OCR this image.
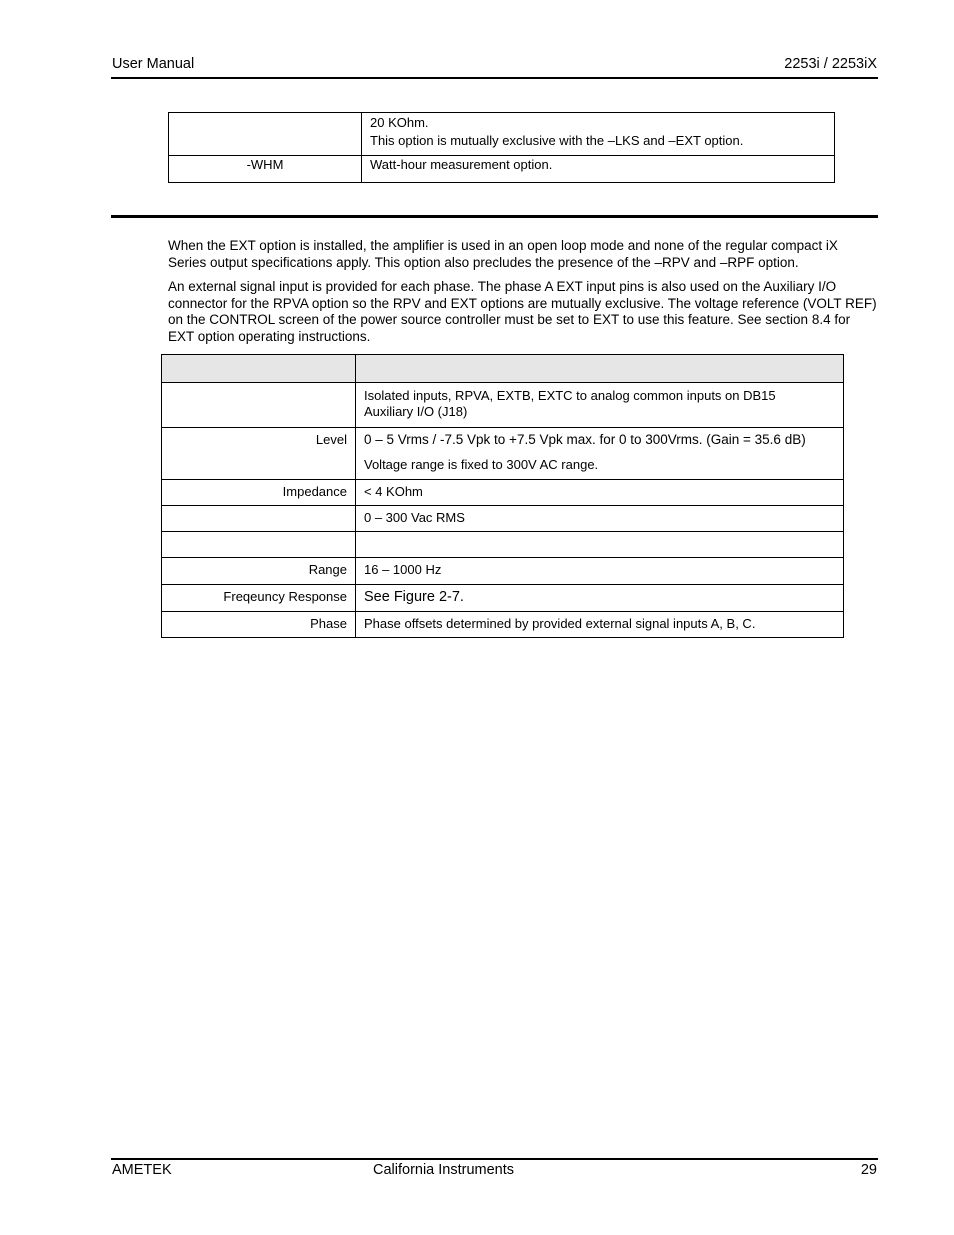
User Manual	2253i / 2253iX

	20 KOhm.
This option is mutually exclusive with the –LKS and –EXT option.

-WHM	Watt-hour measurement option.
When the EXT option is installed, the amplifier is used in an open loop mode and none of the regular compact iX Series output specifications apply. This option also precludes the presence of the –RPV and –RPF option.
An external signal input is provided for each phase. The phase A EXT input pins is also used on the Auxiliary I/O connector for the RPVA option so the RPV and EXT options are mutually exclusive. The voltage reference (VOLT REF) on the CONTROL screen of the power source controller must be set to EXT to use this feature. See section 8.4 for EXT option operating instructions.

	Isolated inputs, RPVA, EXTB, EXTC to analog common inputs on DB15
Auxiliary I/O (J18)

Level	0 – 5 Vrms / -7.5 Vpk to +7.5 Vpk max. for 0 to 300Vrms. (Gain = 35.6 dB)
Voltage range is fixed to 300V AC range.

Impedance	< 4 KOhm

	0 – 300 Vac RMS

Range	16 – 1000 Hz

Freqeuncy Response	See Figure 2-7.

Phase	Phase offsets determined by provided external signal inputs A, B, C.
AMETEK	California Instruments	29
